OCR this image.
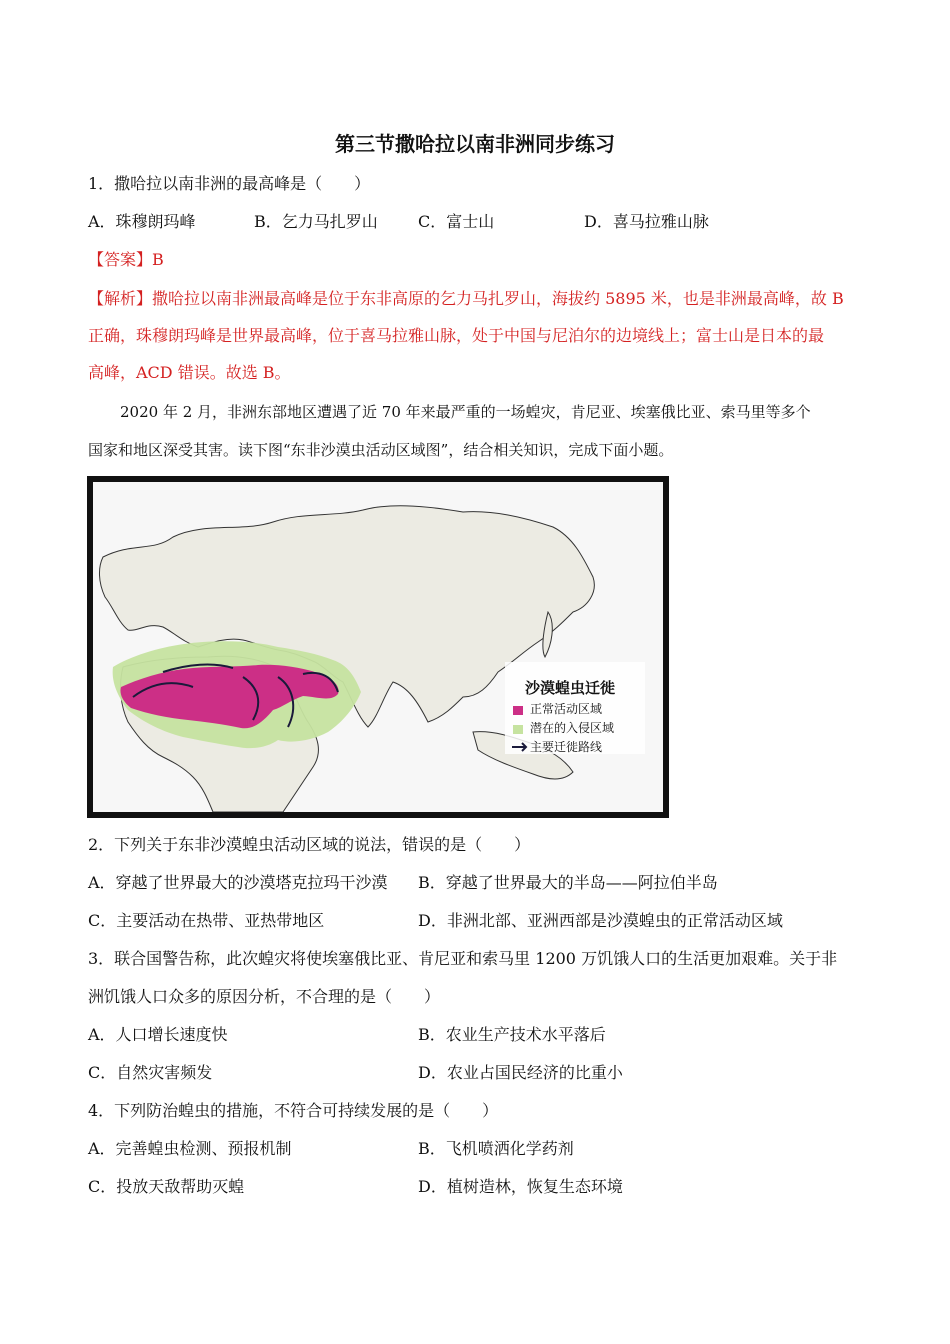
第三节撒哈拉以南非洲同步练习
1．撒哈拉以南非洲的最高峰是（　　）
A．珠穆朗玛峰	B．乞力马扎罗山	C．富士山	D．喜马拉雅山脉
【答案】B
【解析】撒哈拉以南非洲最高峰是位于东非高原的乞力马扎罗山，海拔约 5895 米，也是非洲最高峰，故 B
正确，珠穆朗玛峰是世界最高峰，位于喜马拉雅山脉，处于中国与尼泊尔的边境线上；富士山是日本的最
高峰，ACD 错误。故选 B。
2020 年 2 月，非洲东部地区遭遇了近 70 年来最严重的一场蝗灾，肯尼亚、埃塞俄比亚、索马里等多个
国家和地区深受其害。读下图“东非沙漠虫活动区域图”，结合相关知识，完成下面小题。
沙漠蝗虫迁徙
正常活动区域
潜在的入侵区域
主要迁徙路线
2．下列关于东非沙漠蝗虫活动区域的说法，错误的是（　　）
A．穿越了世界最大的沙漠塔克拉玛干沙漠 B．穿越了世界最大的半岛——阿拉伯半岛
C．主要活动在热带、亚热带地区	D．非洲北部、亚洲西部是沙漠蝗虫的正常活动区域
3．联合国警告称，此次蝗灾将使埃塞俄比亚、肯尼亚和索马里 1200 万饥饿人口的生活更加艰难。关于非
洲饥饿人口众多的原因分析，不合理的是（　　）
A．人口增长速度快	B．农业生产技术水平落后
C．自然灾害频发	D．农业占国民经济的比重小
4．下列防治蝗虫的措施，不符合可持续发展的是（　　）
A．完善蝗虫检测、预报机制	B．飞机喷洒化学药剂
C．投放天敌帮助灭蝗	D．植树造林，恢复生态环境
